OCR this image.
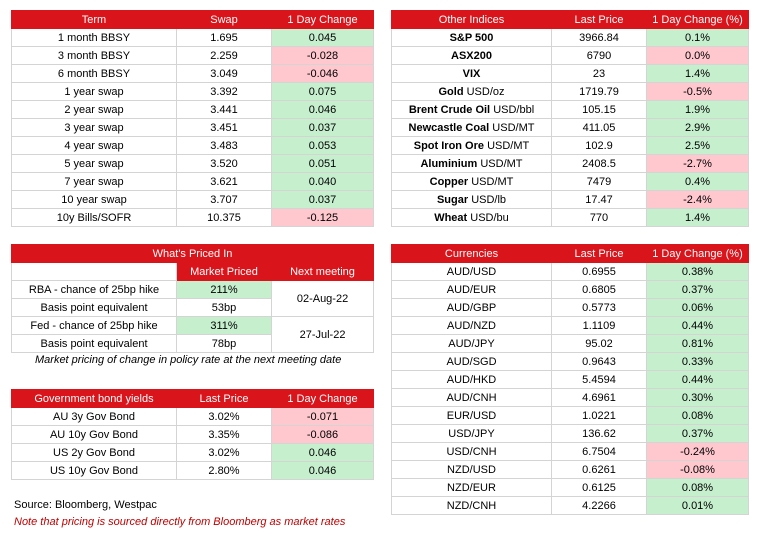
Term	Swap	1 Day Change
1 month BBSY	1.695	0.045
3 month BBSY	2.259	-0.028
6 month BBSY	3.049	-0.046
1 year swap	3.392	0.075
2 year swap	3.441	0.046
3 year swap	3.451	0.037
4 year swap	3.483	0.053
5 year swap	3.520	0.051
7 year swap	3.621	0.040
10 year swap	3.707	0.037
10y Bills/SOFR	10.375	-0.125
What's Priced In		
	Market Priced	Next meeting
RBA - chance of 25bp hike	211%	02-Aug-22
Basis point equivalent	53bp	
Fed - chance of 25bp hike	311%	27-Jul-22
Basis point equivalent	78bp	
Market pricing of change in policy rate at the next meeting date
Government bond yields	Last Price	1 Day Change
AU 3y Gov Bond	3.02%	-0.071
AU 10y Gov Bond	3.35%	-0.086
US 2y Gov Bond	3.02%	0.046
US 10y Gov Bond	2.80%	0.046
Source: Bloomberg, Westpac
Note that pricing is sourced directly from Bloomberg as market rates
Other Indices	Last Price	1 Day Change (%)
S&P 500	3966.84	0.1%
ASX200	6790	0.0%
VIX	23	1.4%
Gold USD/oz	1719.79	-0.5%
Brent Crude Oil USD/bbl	105.15	1.9%
Newcastle Coal USD/MT	411.05	2.9%
Spot Iron Ore USD/MT	102.9	2.5%
Aluminium USD/MT	2408.5	-2.7%
Copper USD/MT	7479	0.4%
Sugar USD/lb	17.47	-2.4%
Wheat USD/bu	770	1.4%
Currencies	Last Price	1 Day Change (%)
AUD/USD	0.6955	0.38%
AUD/EUR	0.6805	0.37%
AUD/GBP	0.5773	0.06%
AUD/NZD	1.1109	0.44%
AUD/JPY	95.02	0.81%
AUD/SGD	0.9643	0.33%
AUD/HKD	5.4594	0.44%
AUD/CNH	4.6961	0.30%
EUR/USD	1.0221	0.08%
USD/JPY	136.62	0.37%
USD/CNH	6.7504	-0.24%
NZD/USD	0.6261	-0.08%
NZD/EUR	0.6125	0.08%
NZD/CNH	4.2266	0.01%
